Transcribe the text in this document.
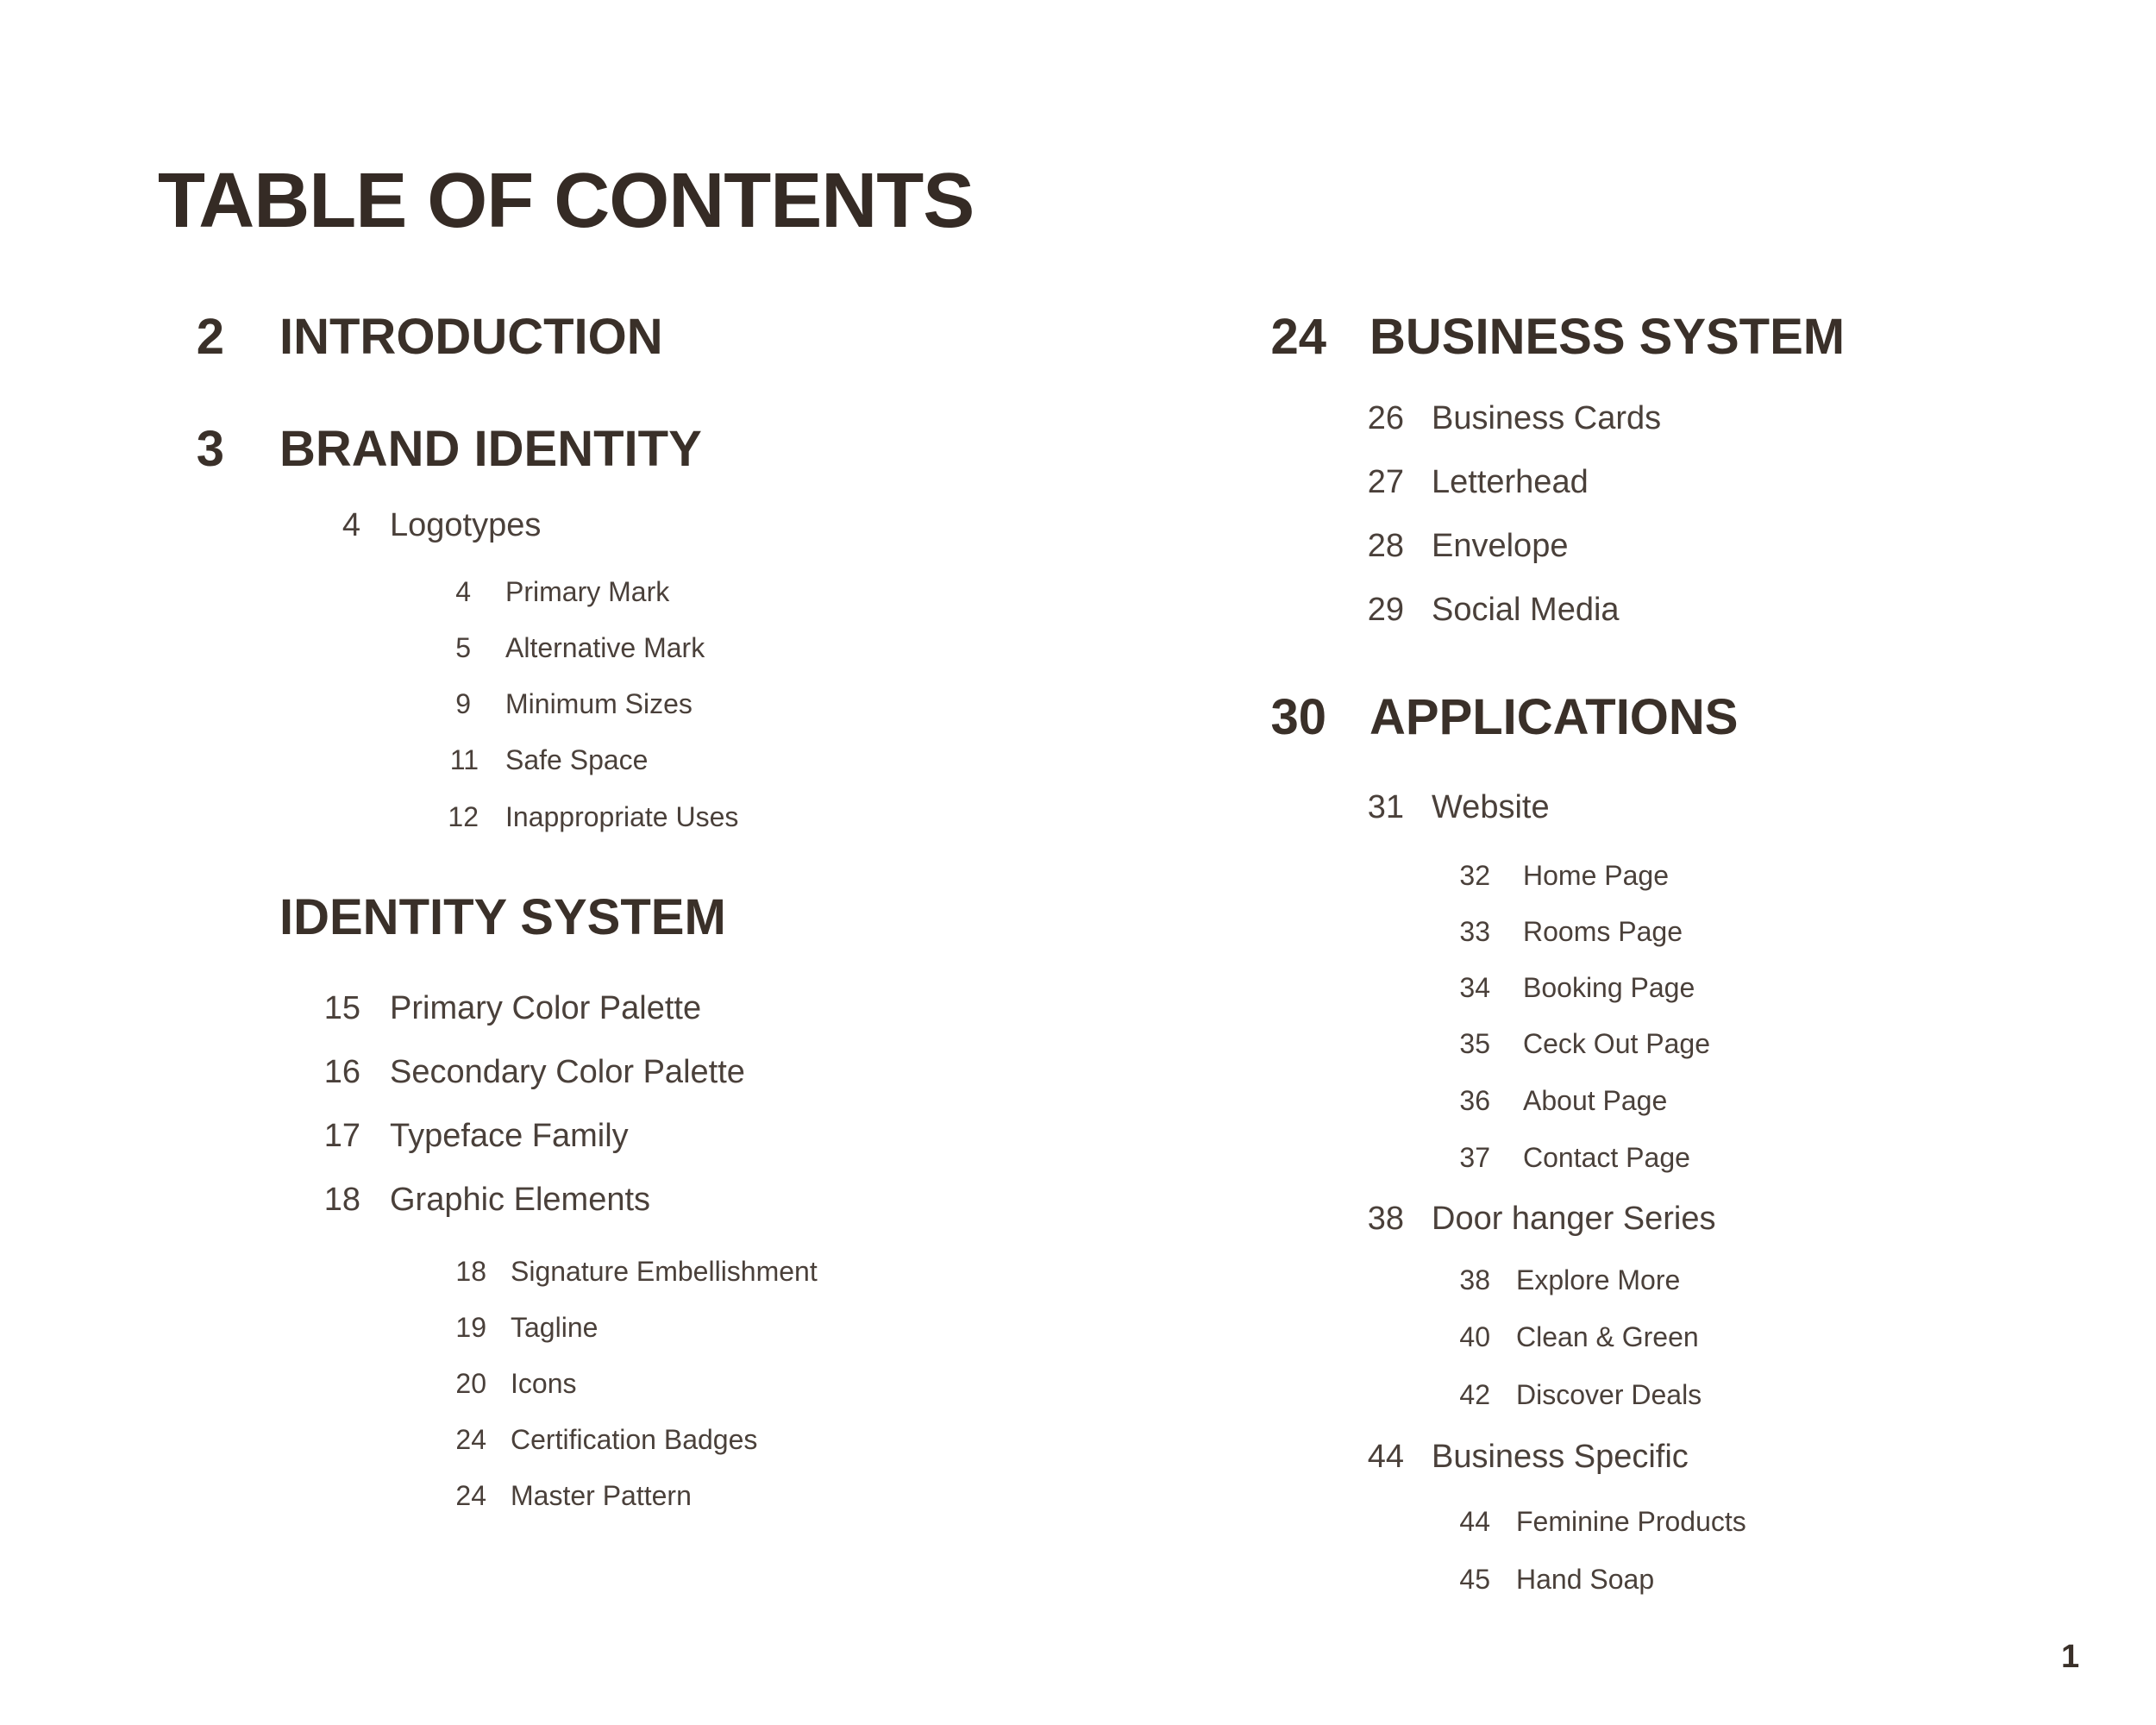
TABLE OF CONTENTS
2 INTRODUCTION
3 BRAND IDENTITY
4 Logotypes
4 Primary Mark
5 Alternative Mark
9 Minimum Sizes
11 Safe Space
12 Inappropriate Uses
IDENTITY SYSTEM
15 Primary Color Palette
16 Secondary Color Palette
17 Typeface Family
18 Graphic Elements
18 Signature Embellishment
19 Tagline
20 Icons
24 Certification Badges
24 Master Pattern
24 BUSINESS SYSTEM
26 Business Cards
27 Letterhead
28 Envelope
29 Social Media
30 APPLICATIONS
31 Website
32 Home Page
33 Rooms Page
34 Booking Page
35 Ceck Out Page
36 About Page
37 Contact Page
38 Door hanger Series
38 Explore More
40 Clean & Green
42 Discover Deals
44 Business Specific
44 Feminine Products
45 Hand Soap
1
